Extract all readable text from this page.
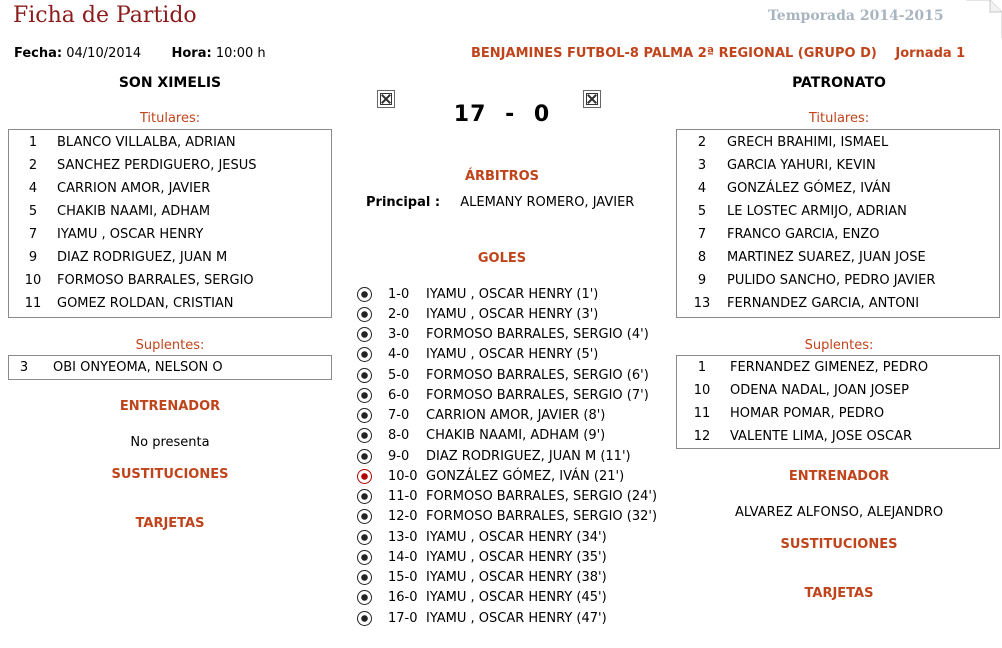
Ficha de Partido	Temporada 2014-2015
Fecha: 04/10/2014 Hora: 10:00 h	BENJAMINES FUTBOL-8 PALMA 2ª REGIONAL (GRUPO D) Jornada 1
SON XIMELIS
Titulares:
1	BLANCO VILLALBA, ADRIAN
2	SANCHEZ PERDIGUERO, JESUS
4	CARRION AMOR, JAVIER
5	CHAKIB NAAMI, ADHAM
7	IYAMU , OSCAR HENRY
9	DIAZ RODRIGUEZ, JUAN M
10	FORMOSO BARRALES, SERGIO
11	GOMEZ ROLDAN, CRISTIAN
Suplentes:
3	OBI ONYEOMA, NELSON O
ENTRENADOR
No presenta
SUSTITUCIONES
TARJETAS
17 - 0
ÁRBITROS
Principal : ALEMANY ROMERO, JAVIER
GOLES
1-0	IYAMU , OSCAR HENRY (1')
2-0	IYAMU , OSCAR HENRY (3')
3-0	FORMOSO BARRALES, SERGIO (4')
4-0	IYAMU , OSCAR HENRY (5')
5-0	FORMOSO BARRALES, SERGIO (6')
6-0	FORMOSO BARRALES, SERGIO (7')
7-0	CARRION AMOR, JAVIER (8')
8-0	CHAKIB NAAMI, ADHAM (9')
9-0	DIAZ RODRIGUEZ, JUAN M (11')
10-0 GONZÁLEZ GÓMEZ, IVÁN (21')
11-0 FORMOSO BARRALES, SERGIO (24')
12-0 FORMOSO BARRALES, SERGIO (32')
13-0 IYAMU , OSCAR HENRY (34')
14-0 IYAMU , OSCAR HENRY (35')
15-0 IYAMU , OSCAR HENRY (38')
16-0 IYAMU , OSCAR HENRY (45')
17-0 IYAMU , OSCAR HENRY (47')
PATRONATO
Titulares:
2	GRECH BRAHIMI, ISMAEL
3	GARCIA YAHURI, KEVIN
4	GONZÁLEZ GÓMEZ, IVÁN
5	LE LOSTEC ARMIJO, ADRIAN
7	FRANCO GARCIA, ENZO
8	MARTINEZ SUAREZ, JUAN JOSE
9	PULIDO SANCHO, PEDRO JAVIER
13	FERNANDEZ GARCIA, ANTONI
Suplentes:
1	FERNANDEZ GIMENEZ, PEDRO
10	ODENA NADAL, JOAN JOSEP
11	HOMAR POMAR, PEDRO
12	VALENTE LIMA, JOSE OSCAR
ENTRENADOR
ALVAREZ ALFONSO, ALEJANDRO
SUSTITUCIONES
TARJETAS
